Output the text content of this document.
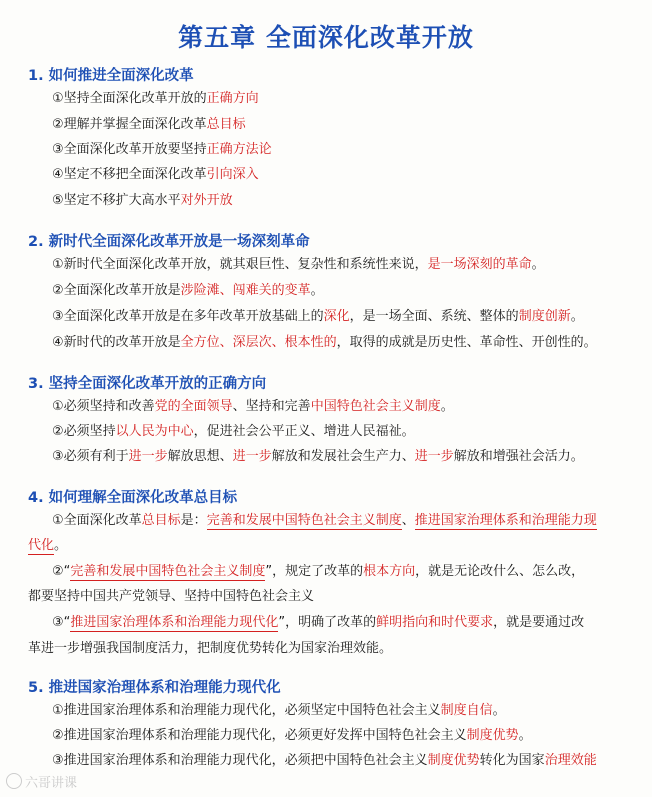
第五章 全面深化改革开放
1. 如何推进全面深化改革
①坚持全面深化改革开放的正确方向
②理解并掌握全面深化改革总目标
③全面深化改革开放要坚持正确方法论
④坚定不移把全面深化改革引向深入
⑤坚定不移扩大高水平对外开放
2. 新时代全面深化改革开放是一场深刻革命
①新时代全面深化改革开放，就其艰巨性、复杂性和系统性来说，是一场深刻的革命。
②全面深化改革开放是涉险滩、闯难关的变革。
③全面深化改革开放是在多年改革开放基础上的深化，是一场全面、系统、整体的制度创新。
④新时代的改革开放是全方位、深层次、根本性的，取得的成就是历史性、革命性、开创性的。
3. 坚持全面深化改革开放的正确方向
①必须坚持和改善党的全面领导、坚持和完善中国特色社会主义制度。
②必须坚持以人民为中心，促进社会公平正义、增进人民福祉。
③必须有利于进一步解放思想、进一步解放和发展社会生产力、进一步解放和增强社会活力。
4. 如何理解全面深化改革总目标
①全面深化改革总目标是：完善和发展中国特色社会主义制度、推进国家治理体系和治理能力现
代化。
②“完善和发展中国特色社会主义制度”，规定了改革的根本方向，就是无论改什么、怎么改，
都要坚持中国共产党领导、坚持中国特色社会主义
③“推进国家治理体系和治理能力现代化”，明确了改革的鲜明指向和时代要求，就是要通过改
革进一步增强我国制度活力，把制度优势转化为国家治理效能。
5. 推进国家治理体系和治理能力现代化
①推进国家治理体系和治理能力现代化，必须坚定中国特色社会主义制度自信。
②推进国家治理体系和治理能力现代化，必须更好发挥中国特色社会主义制度优势。
③推进国家治理体系和治理能力现代化，必须把中国特色社会主义制度优势转化为国家治理效能
六哥讲课
